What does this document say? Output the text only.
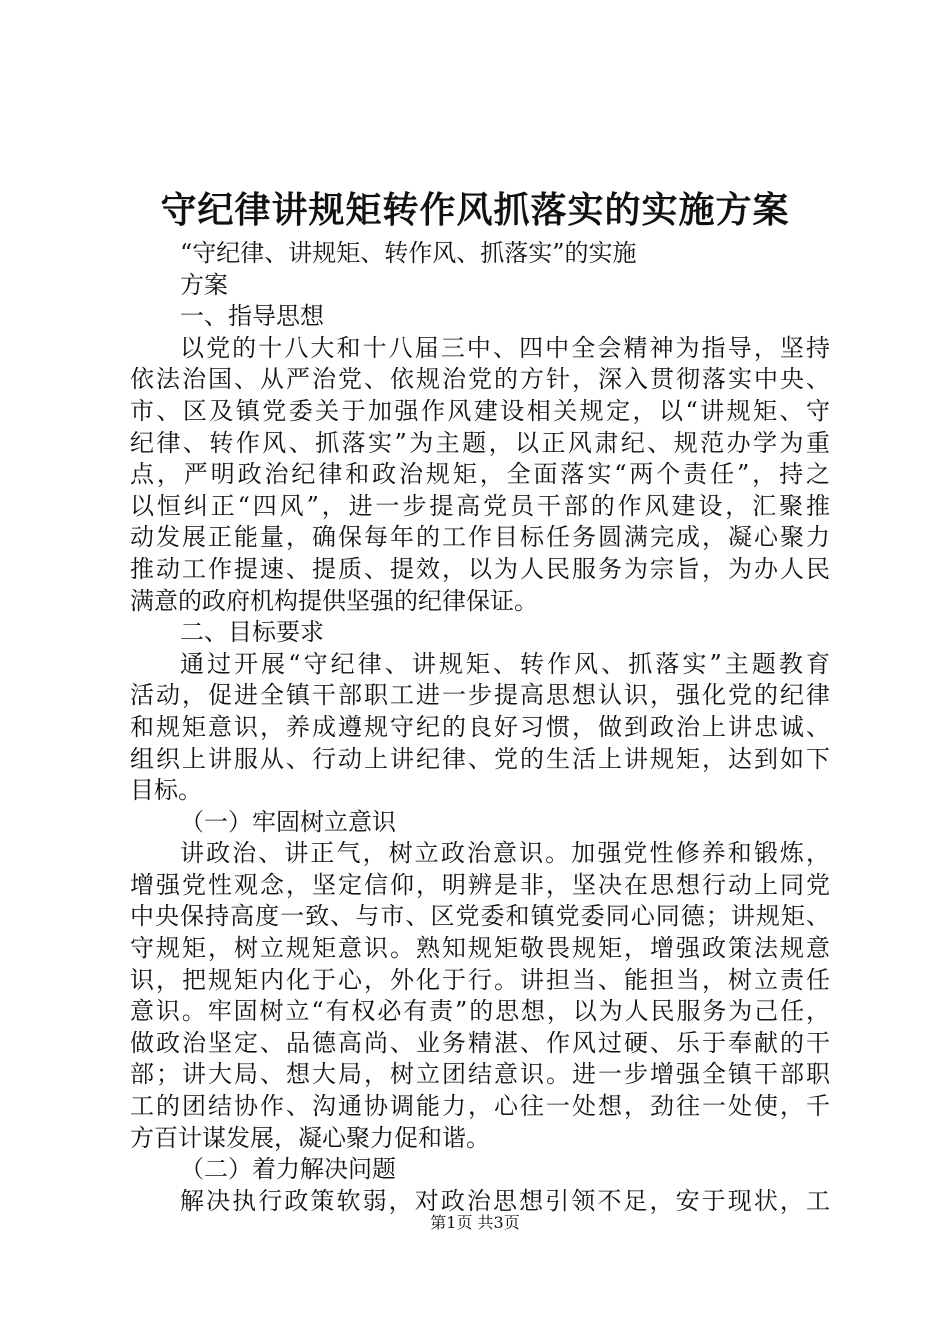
守纪律讲规矩转作风抓落实的实施方案
“守纪律、讲规矩、转作风、抓落实”的实施
方案
一、指导思想
以党的十八大和十八届三中、四中全会精神为指导，坚持
依法治国、从严治党、依规治党的方针，深入贯彻落实中央、
市、区及镇党委关于加强作风建设相关规定，以“讲规矩、守
纪律、转作风、抓落实”为主题，以正风肃纪、规范办学为重
点，严明政治纪律和政治规矩，全面落实“两个责任”，持之
以恒纠正“四风”，进一步提高党员干部的作风建设，汇聚推
动发展正能量，确保每年的工作目标任务圆满完成，凝心聚力
推动工作提速、提质、提效，以为人民服务为宗旨，为办人民
满意的政府机构提供坚强的纪律保证。
二、目标要求
通过开展“守纪律、讲规矩、转作风、抓落实”主题教育
活动，促进全镇干部职工进一步提高思想认识，强化党的纪律
和规矩意识，养成遵规守纪的良好习惯，做到政治上讲忠诚、
组织上讲服从、行动上讲纪律、党的生活上讲规矩，达到如下
目标。
（一）牢固树立意识
讲政治、讲正气，树立政治意识。加强党性修养和锻炼，
增强党性观念，坚定信仰，明辨是非，坚决在思想行动上同党
中央保持高度一致、与市、区党委和镇党委同心同德；讲规矩、
守规矩，树立规矩意识。熟知规矩敬畏规矩，增强政策法规意
识，把规矩内化于心，外化于行。讲担当、能担当，树立责任
意识。牢固树立“有权必有责”的思想，以为人民服务为己任，
做政治坚定、品德高尚、业务精湛、作风过硬、乐于奉献的干
部；讲大局、想大局，树立团结意识。进一步增强全镇干部职
工的团结协作、沟通协调能力，心往一处想，劲往一处使，千
方百计谋发展，凝心聚力促和谐。
（二）着力解决问题
解决执行政策软弱，对政治思想引领不足，安于现状，工
第1页 共3页
